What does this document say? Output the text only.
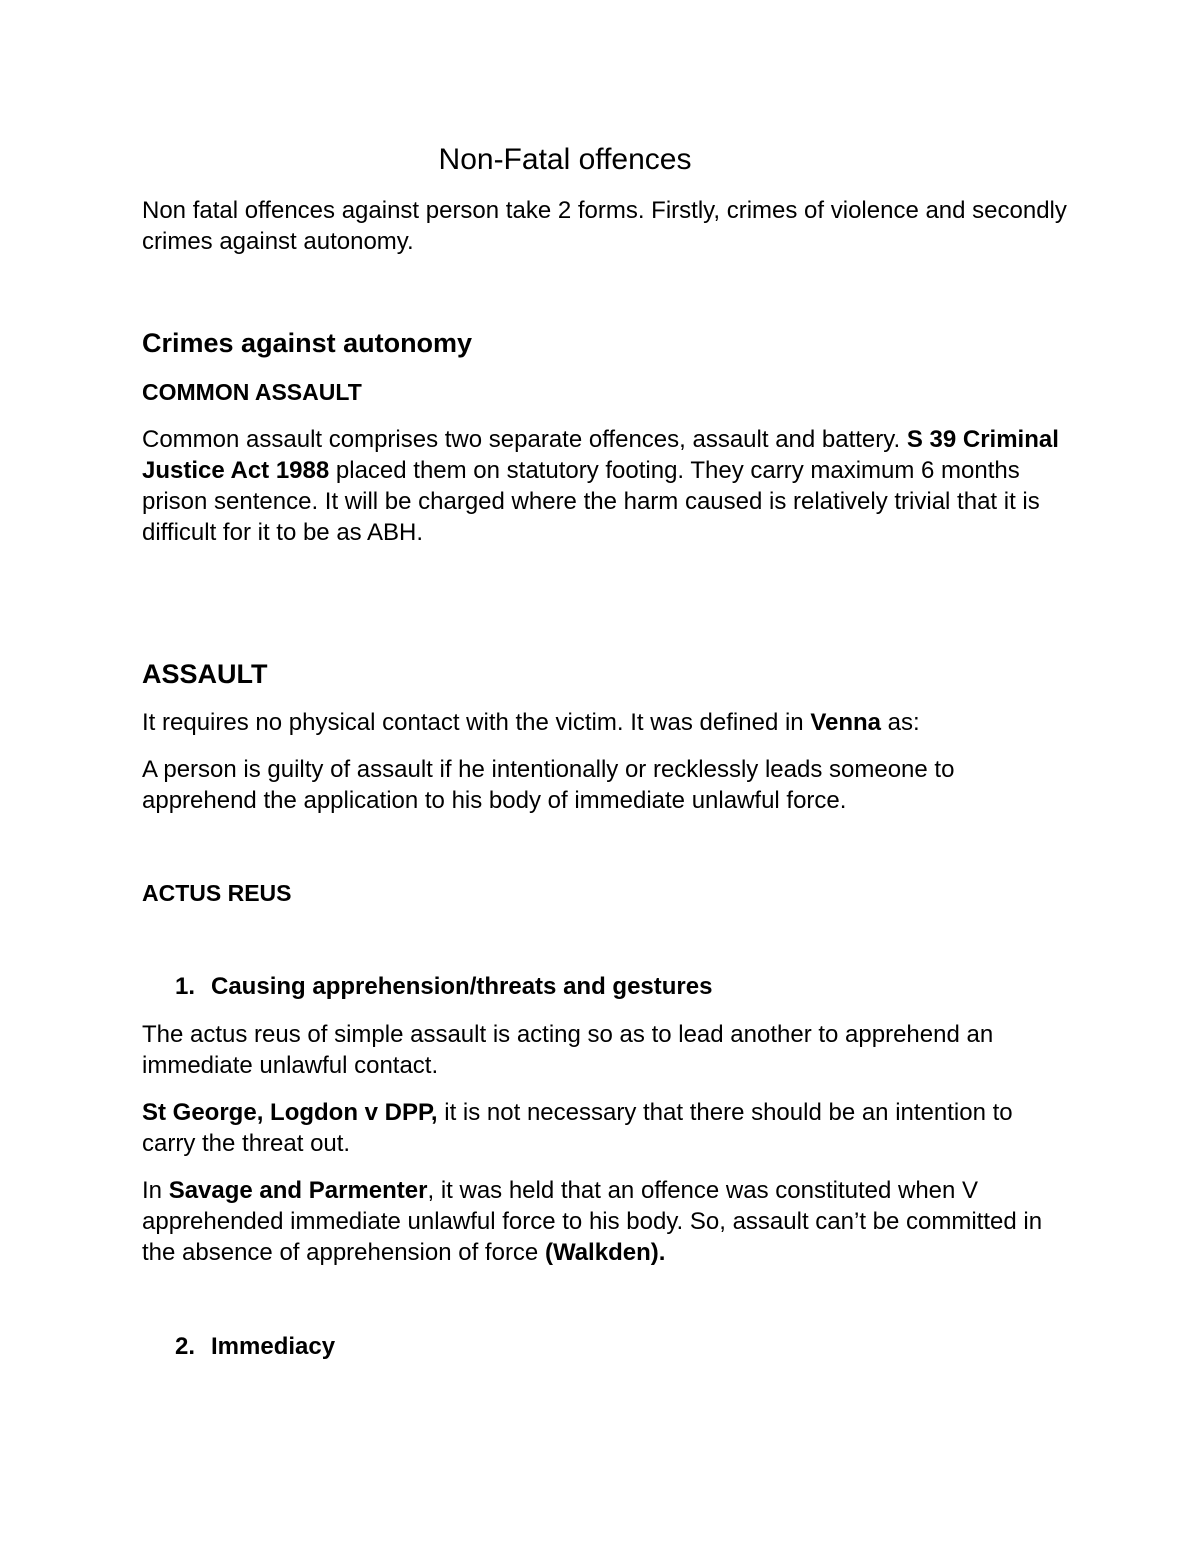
Non-Fatal offences

Non fatal offences against person take 2 forms. Firstly, crimes of violence and secondly crimes against autonomy.

Crimes against autonomy

COMMON ASSAULT

Common assault comprises two separate offences, assault and battery. S 39 Criminal Justice Act 1988 placed them on statutory footing. They carry maximum 6 months prison sentence. It will be charged where the harm caused is relatively trivial that it is difficult for it to be as ABH.

ASSAULT

It requires no physical contact with the victim. It was defined in Venna as:

A person is guilty of assault if he intentionally or recklessly leads someone to apprehend the application to his body of immediate unlawful force.

ACTUS REUS

1. Causing apprehension/threats and gestures

The actus reus of simple assault is acting so as to lead another to apprehend an immediate unlawful contact.

St George, Logdon v DPP, it is not necessary that there should be an intention to carry the threat out.

In Savage and Parmenter, it was held that an offence was constituted when V apprehended immediate unlawful force to his body. So, assault can’t be committed in the absence of apprehension of force (Walkden).

2. Immediacy
